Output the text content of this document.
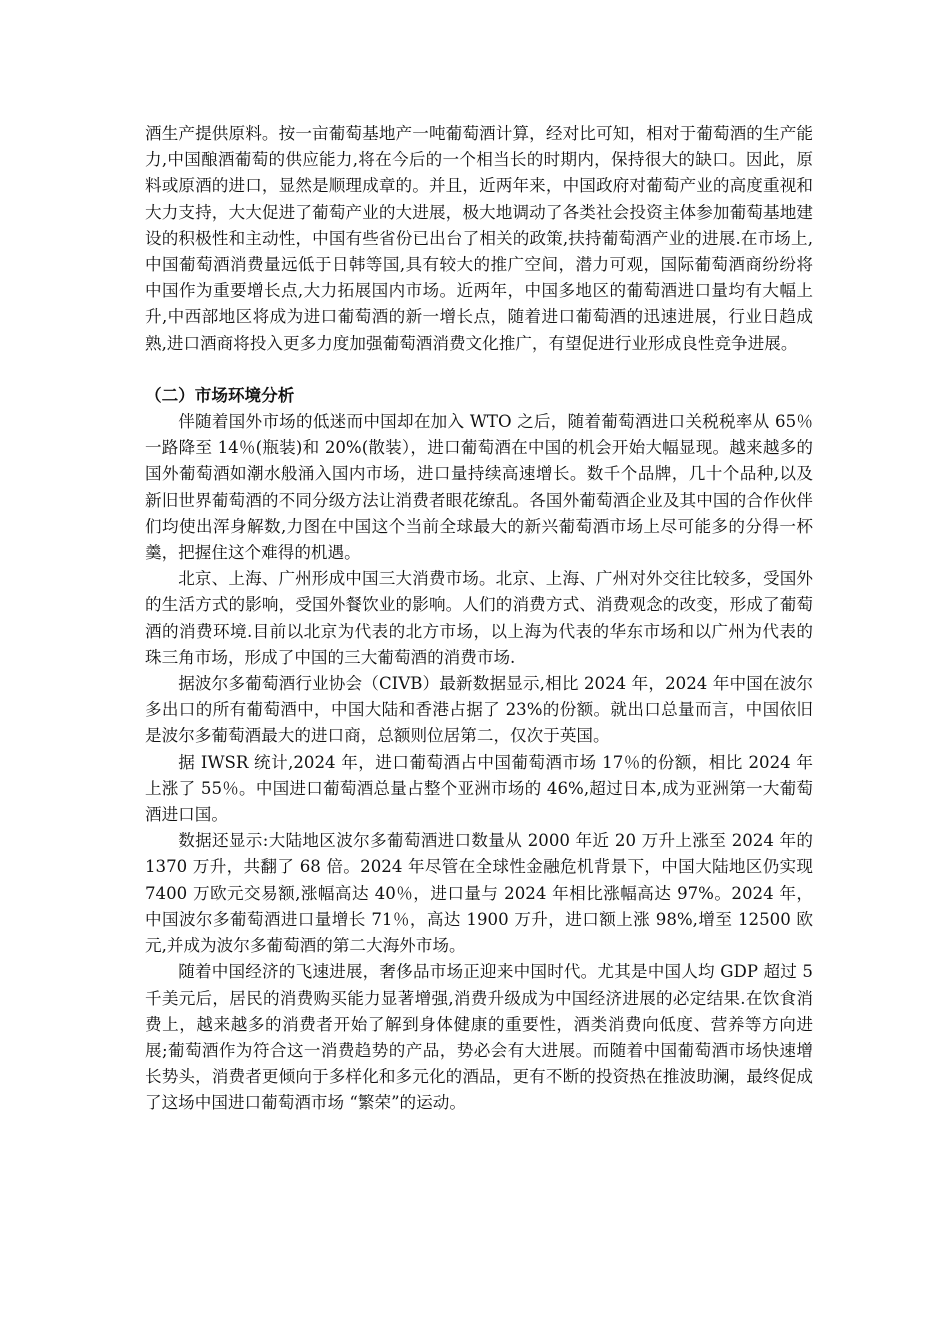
酒生产提供原料。按一亩葡萄基地产一吨葡萄酒计算，经对比可知，相对于葡萄酒的生产能力,中国酿酒葡萄的供应能力,将在今后的一个相当长的时期内，保持很大的缺口。因此，原料或原酒的进口，显然是顺理成章的。并且，近两年来，中国政府对葡萄产业的高度重视和大力支持，大大促进了葡萄产业的大进展，极大地调动了各类社会投资主体参加葡萄基地建设的积极性和主动性，中国有些省份已出台了相关的政策,扶持葡萄酒产业的进展.在市场上,中国葡萄酒消费量远低于日韩等国,具有较大的推广空间，潜力可观，国际葡萄酒商纷纷将中国作为重要增长点,大力拓展国内市场。近两年，中国多地区的葡萄酒进口量均有大幅上升,中西部地区将成为进口葡萄酒的新一增长点，随着进口葡萄酒的迅速进展，行业日趋成熟,进口酒商将投入更多力度加强葡萄酒消费文化推广，有望促进行业形成良性竞争进展。

（二）市场环境分析

伴随着国外市场的低迷而中国却在加入 WTO 之后，随着葡萄酒进口关税税率从 65％一路降至 14％(瓶装)和 20%(散装），进口葡萄酒在中国的机会开始大幅显现。越来越多的国外葡萄酒如潮水般涌入国内市场，进口量持续高速增长。数千个品牌，几十个品种,以及新旧世界葡萄酒的不同分级方法让消费者眼花缭乱。各国外葡萄酒企业及其中国的合作伙伴们均使出浑身解数,力图在中国这个当前全球最大的新兴葡萄酒市场上尽可能多的分得一杯羹，把握住这个难得的机遇。

北京、上海、广州形成中国三大消费市场。北京、上海、广州对外交往比较多，受国外的生活方式的影响，受国外餐饮业的影响。人们的消费方式、消费观念的改变，形成了葡萄酒的消费环境.目前以北京为代表的北方市场，以上海为代表的华东市场和以广州为代表的珠三角市场，形成了中国的三大葡萄酒的消费市场.

据波尔多葡萄酒行业协会（CIVB）最新数据显示,相比 2024 年，2024 年中国在波尔多出口的所有葡萄酒中，中国大陆和香港占据了 23%的份额。就出口总量而言，中国依旧是波尔多葡萄酒最大的进口商，总额则位居第二，仅次于英国。

据 IWSR 统计,2024 年，进口葡萄酒占中国葡萄酒市场 17％的份额，相比 2024 年上涨了 55％。中国进口葡萄酒总量占整个亚洲市场的 46%,超过日本,成为亚洲第一大葡萄酒进口国。

数据还显示:大陆地区波尔多葡萄酒进口数量从 2000 年近 20 万升上涨至 2024 年的 1370 万升，共翻了 68 倍。2024 年尽管在全球性金融危机背景下，中国大陆地区仍实现 7400 万欧元交易额,涨幅高达 40％，进口量与 2024 年相比涨幅高达 97%。2024 年，中国波尔多葡萄酒进口量增长 71％，高达 1900 万升，进口额上涨 98%,增至 12500 欧元,并成为波尔多葡萄酒的第二大海外市场。

随着中国经济的飞速进展，奢侈品市场正迎来中国时代。尤其是中国人均 GDP 超过 5 千美元后，居民的消费购买能力显著增强,消费升级成为中国经济进展的必定结果.在饮食消费上，越来越多的消费者开始了解到身体健康的重要性，酒类消费向低度、营养等方向进展;葡萄酒作为符合这一消费趋势的产品，势必会有大进展。而随着中国葡萄酒市场快速增长势头，消费者更倾向于多样化和多元化的酒品，更有不断的投资热在推波助澜，最终促成了这场中国进口葡萄酒市场 “繁荣”的运动。
